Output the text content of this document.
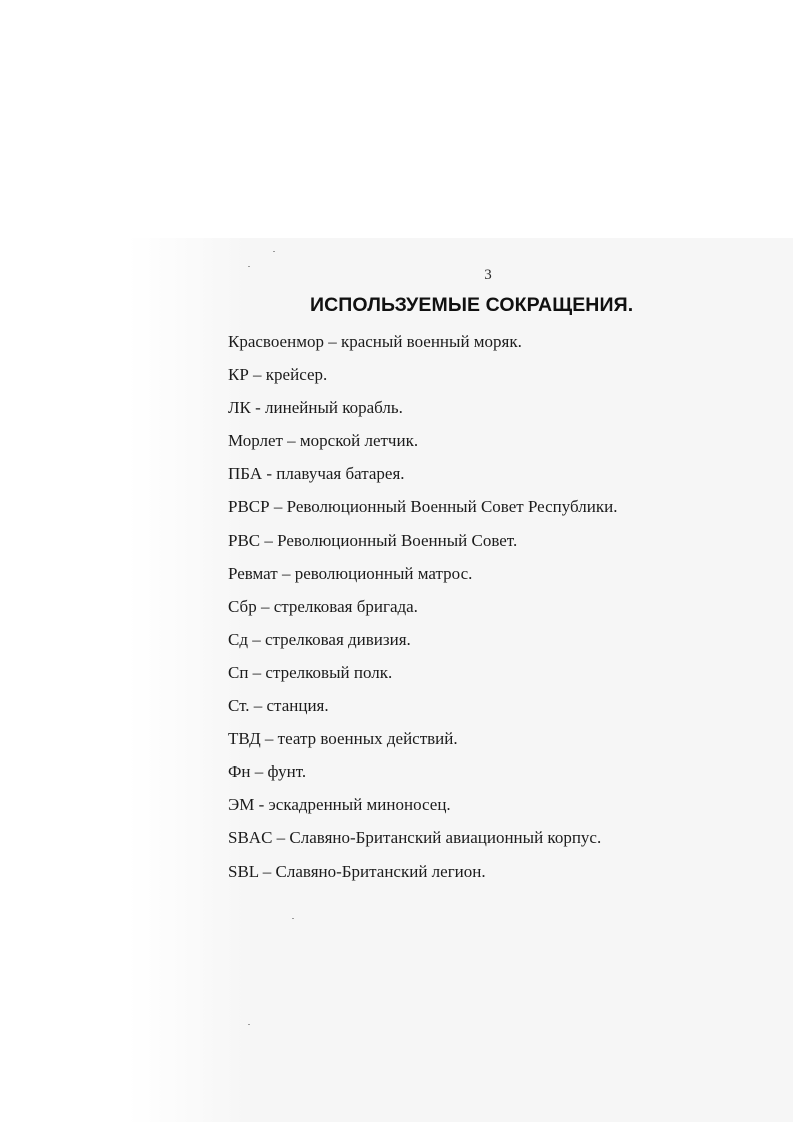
3
ИСПОЛЬЗУЕМЫЕ СОКРАЩЕНИЯ.
Красвоенмор – красный военный моряк.
КР – крейсер.
ЛК - линейный корабль.
Морлет – морской летчик.
ПБА - плавучая батарея.
РВСР – Революционный Военный Совет Республики.
РВС – Революционный Военный Совет.
Ревмат – революционный матрос.
Сбр – стрелковая бригада.
Сд – стрелковая дивизия.
Сп – стрелковый полк.
Ст. – станция.
ТВД – театр военных действий.
Фн – фунт.
ЭМ - эскадренный миноносец.
SBAC – Славяно-Британский авиационный корпус.
SBL – Славяно-Британский легион.
